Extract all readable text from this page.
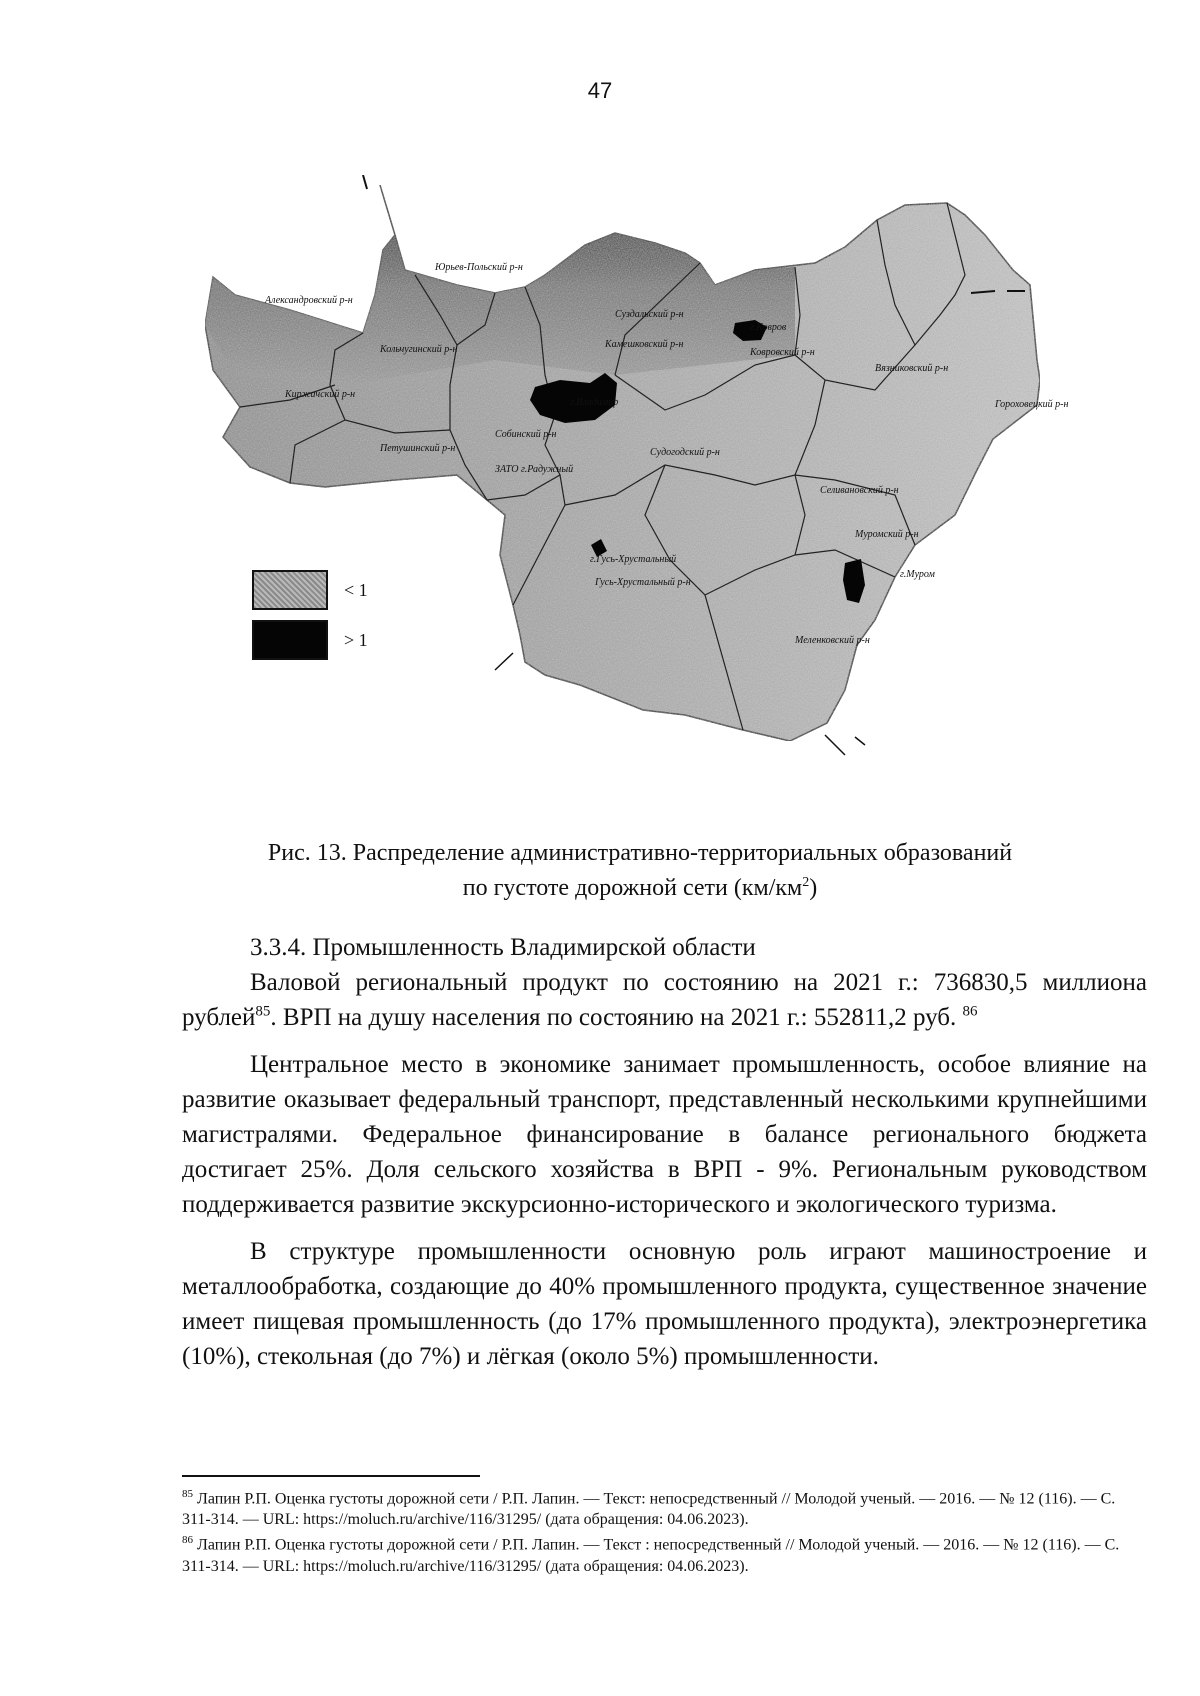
47
Юрьев-Польский р-н
Александровский р-н
Суздальский р-н
г.Ковров
Камешковский р-н
Кольчугинский р-н	Ковровский р-н
Вязниковский р-н
Киржачский р-н
г.Владимир	Гороховецкий р-н
Собинский р-н
Судогодский р-н
Петушинский р-н
ЗАТО г.Радужный
Селивановский р-н
Муромский р-н
г.Гусь-Хрустальный
Гусь-Хрустальный р-н
г.Муром
Меленковский р-н
< 1
> 1
Рис. 13. Распределение административно-территориальных образований
по густоте дорожной сети $(км/км^2)$
3.3.4. Промышленность Владимирской области

Валовой региональный продукт по состоянию на 2021 г.: 736830,5 миллиона рублей$^{85}$. ВРП на душу населения по состоянию на 2021 г.: 552811,2 руб. $^{86}$

Центральное место в экономике занимает промышленность, особое влияние на развитие оказывает федеральный транспорт, представленный несколькими крупнейшими магистралями. Федеральное финансирование в балансе регионального бюджета достигает 25%. Доля сельского хозяйства в ВРП - 9%. Региональным руководством поддерживается развитие экскурсионно-исторического и экологического туризма.

В структуре промышленности основную роль играют машиностроение и металлообработка, создающие до 40% промышленного продукта, существенное значение имеет пищевая промышленность (до 17% промышленного продукта), электроэнергетика (10%), стекольная (до 7%) и лёгкая (около 5%) промышленности.

$^{85}$ Лапин Р.П. Оценка густоты дорожной сети / Р.П. Лапин. — Текст: непосредственный // Молодой ученый. — 2016. — № 12 (116). — С. 311-314. — URL: https://moluch.ru/archive/116/31295/ (дата обращения: 04.06.2023).

$^{86}$ Лапин Р.П. Оценка густоты дорожной сети / Р.П. Лапин. — Текст : непосредственный // Молодой ученый. — 2016. — № 12 (116). — С. 311-314. — URL: https://moluch.ru/archive/116/31295/ (дата обращения: 04.06.2023).
